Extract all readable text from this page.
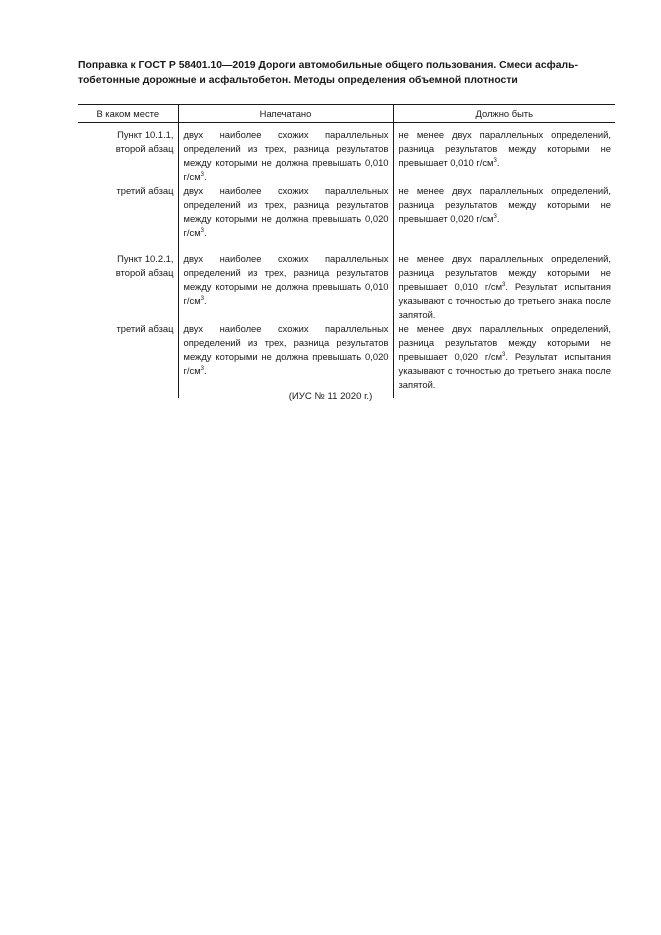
Поправка к ГОСТ Р 58401.10—2019 Дороги автомобильные общего пользования. Смеси асфаль-

тобетонные дорожные и асфальтобетон. Методы определения объемной плотности

В каком месте	Напечатано	Должно быть

Пункт 10.1.1,
второй абзац	двух наиболее схожих параллельных определений из трех, разница результатов между которыми не должна превышать 0,010 $г/см^3$.	не менее двух параллельных определений, разница результатов между которыми не превышает 0,010 $г/см^3$.

третий абзац	двух наиболее схожих параллельных определений из трех, разница результатов между которыми не должна превышать 0,020 $г/см^3$.	не менее двух параллельных определений, разница результатов между которыми не превышает 0,020 $г/см^3$.

Пункт 10.2.1,
второй абзац	двух наиболее схожих параллельных определений из трех, разница результатов между которыми не должна превышать 0,010 $г/см^3$.	не менее двух параллельных определений, разница результатов между которыми не превышает 0,010 $г/см^3$. Результат испытания указывают с точностью до третьего знака после запятой.

третий абзац	двух наиболее схожих параллельных определений из трех, разница результатов между которыми не должна превышать 0,020 $г/см^3$.	не менее двух параллельных определений, разница результатов между которыми не превышает 0,020 $г/см^3$. Результат испытания указывают с точностью до третьего знака после запятой.
(ИУС № 11 2020 г.)
